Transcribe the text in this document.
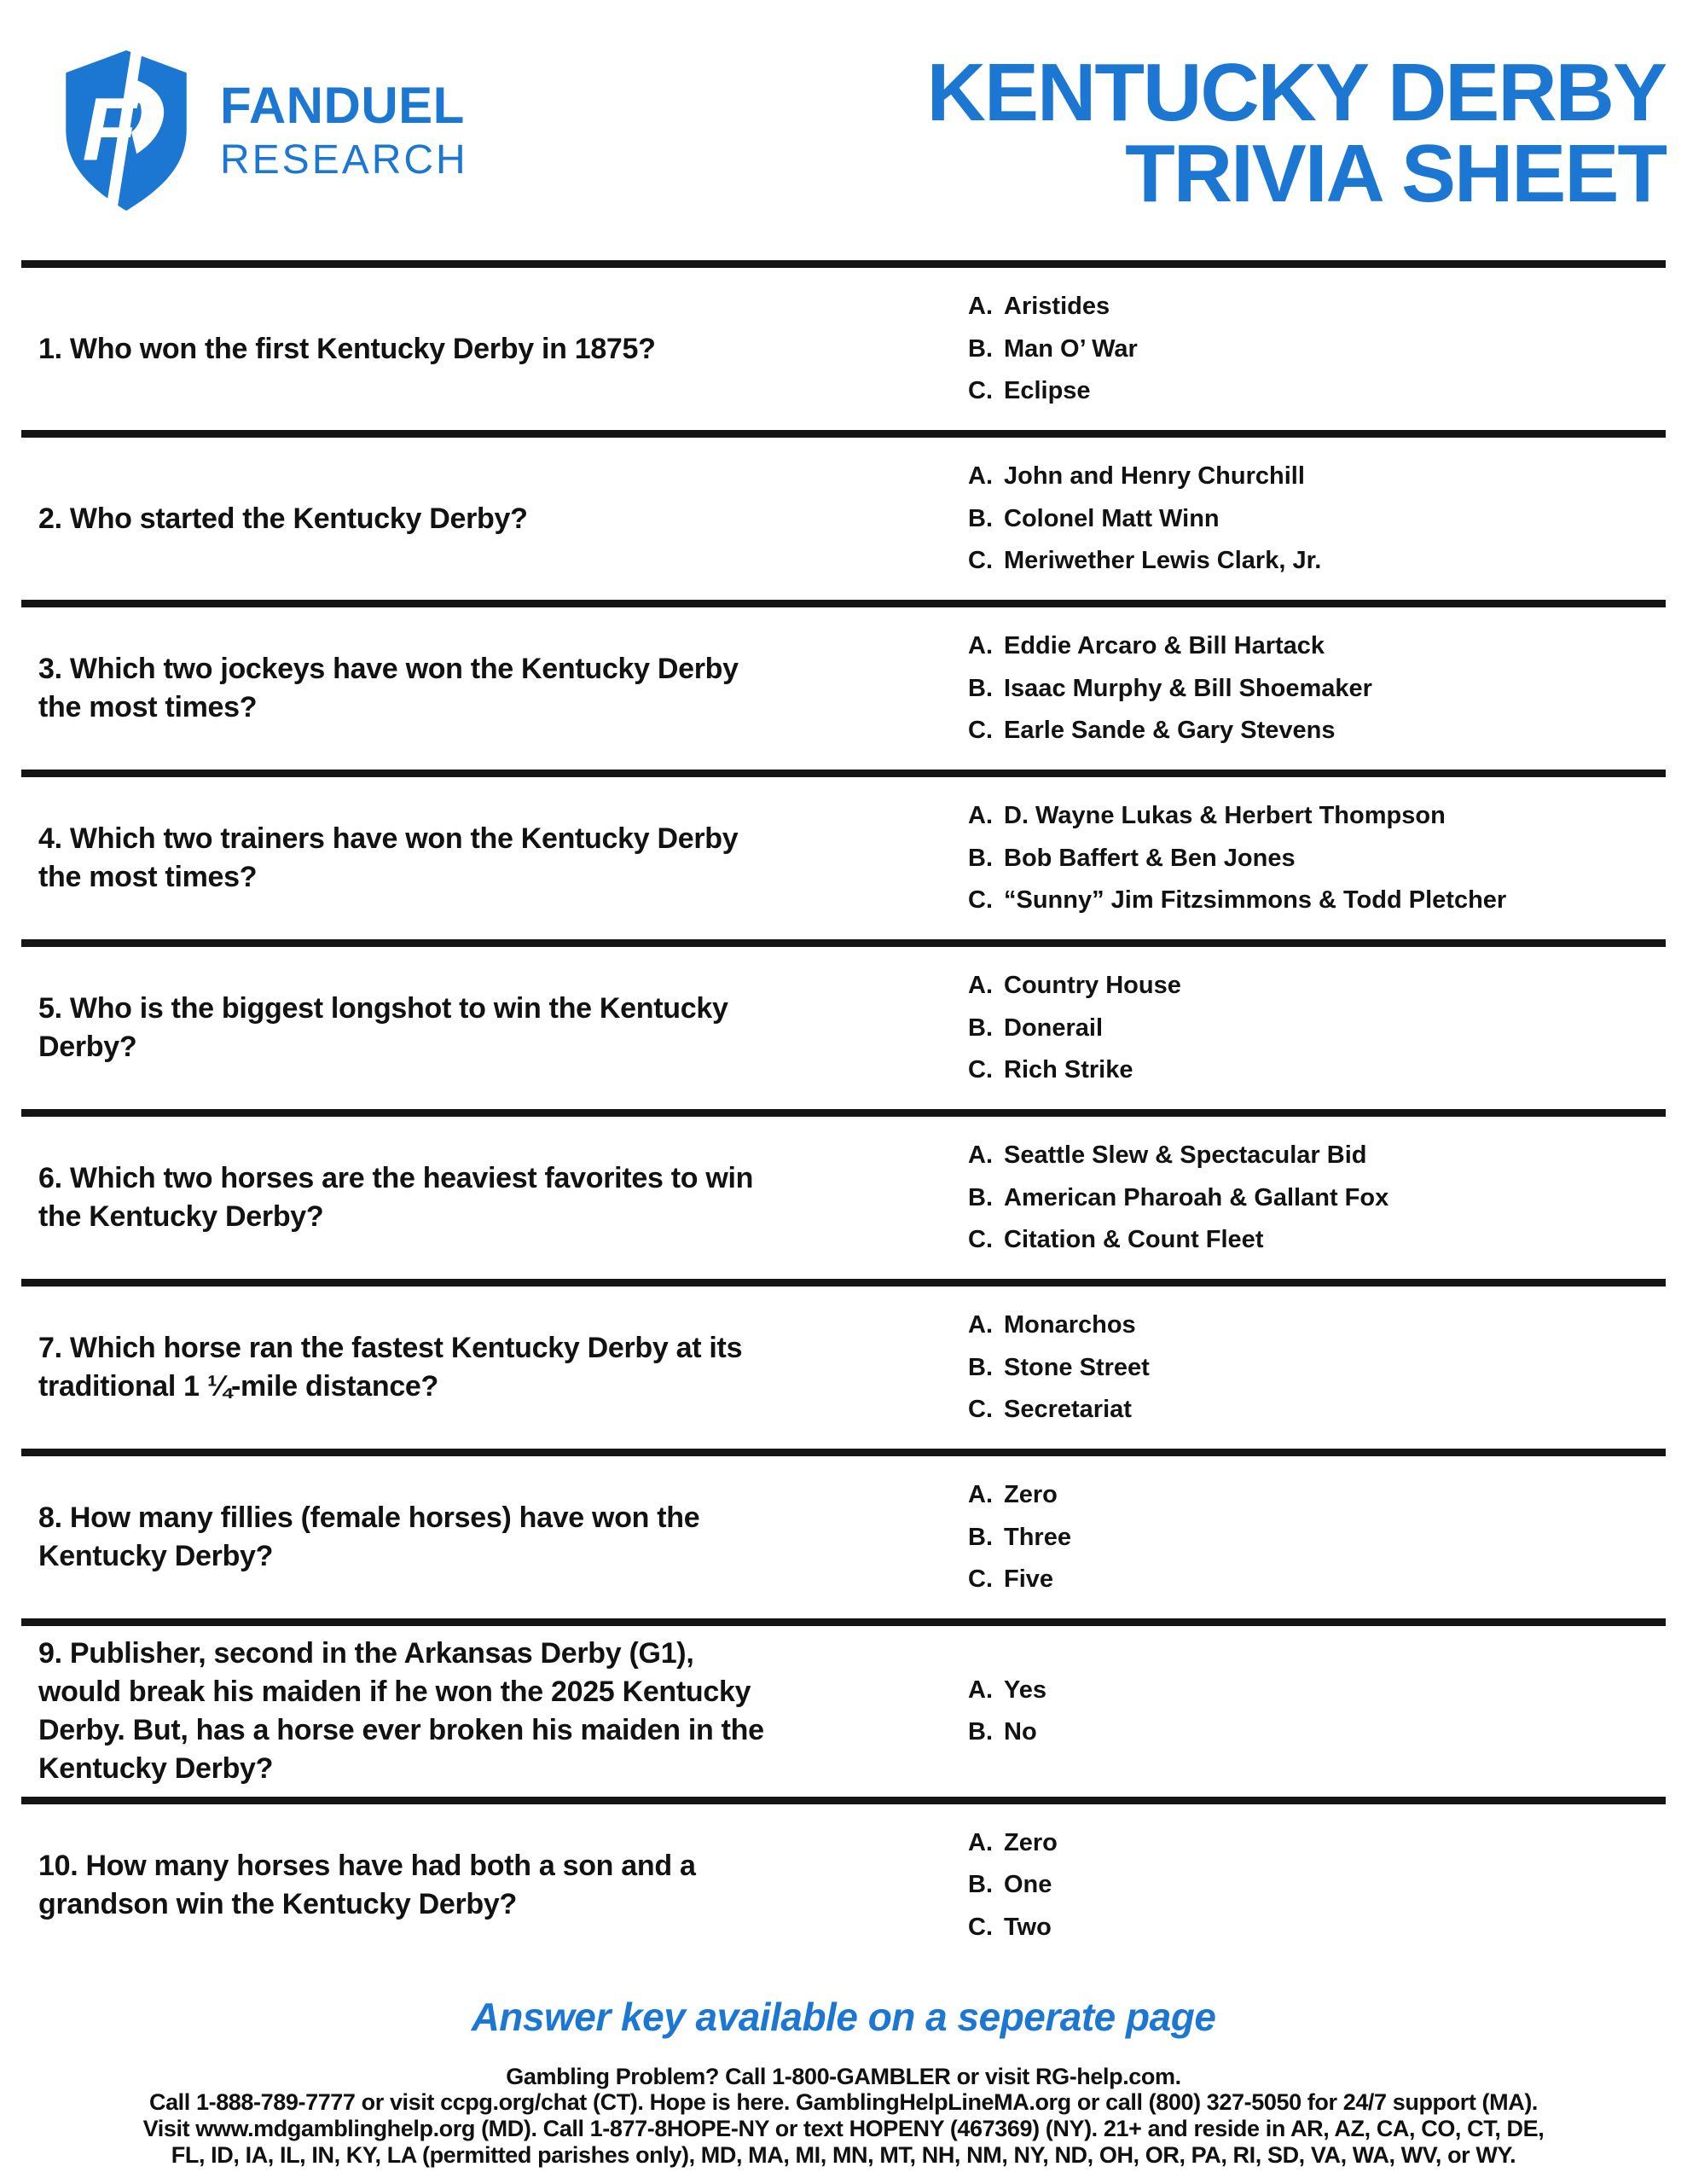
F FANDUEL
RESEARCH
KENTUCKY DERBY
TRIVIA SHEET
1. Who won the first Kentucky Derby in 1875?
A. Aristides
B. Man O’ War
C. Eclipse
2. Who started the Kentucky Derby?
A. John and Henry Churchill
B. Colonel Matt Winn
C. Meriwether Lewis Clark, Jr.
3. Which two jockeys have won the Kentucky Derby the most times?
A. Eddie Arcaro & Bill Hartack
B. Isaac Murphy & Bill Shoemaker
C. Earle Sande & Gary Stevens
4. Which two trainers have won the Kentucky Derby the most times?
A. D. Wayne Lukas & Herbert Thompson
B. Bob Baffert & Ben Jones
C. “Sunny” Jim Fitzsimmons & Todd Pletcher
5. Who is the biggest longshot to win the Kentucky Derby?
A. Country House
B. Donerail
C. Rich Strike
6. Which two horses are the heaviest favorites to win the Kentucky Derby?
A. Seattle Slew & Spectacular Bid
B. American Pharoah & Gallant Fox
C. Citation & Count Fleet
7. Which horse ran the fastest Kentucky Derby at its traditional 1 ¼-mile distance?
A. Monarchos
B. Stone Street
C. Secretariat
8. How many fillies (female horses) have won the Kentucky Derby?
A. Zero
B. Three
C. Five
9. Publisher, second in the Arkansas Derby (G1), would break his maiden if he won the 2025 Kentucky Derby. But, has a horse ever broken his maiden in the Kentucky Derby?
A. Yes
B. No
10. How many horses have had both a son and a grandson win the Kentucky Derby?
A. Zero
B. One
C. Two
Answer key available on a seperate page
Gambling Problem? Call 1-800-GAMBLER or visit RG-help.com.
Call 1-888-789-7777 or visit ccpg.org/chat (CT). Hope is here. GamblingHelpLineMA.org or call (800) 327-5050 for 24/7 support (MA).
Visit www.mdgamblinghelp.org (MD). Call 1-877-8HOPE-NY or text HOPENY (467369) (NY). 21+ and reside in AR, AZ, CA, CO, CT, DE,
FL, ID, IA, IL, IN, KY, LA (permitted parishes only), MD, MA, MI, MN, MT, NH, NM, NY, ND, OH, OR, PA, RI, SD, VA, WA, WV, or WY.
